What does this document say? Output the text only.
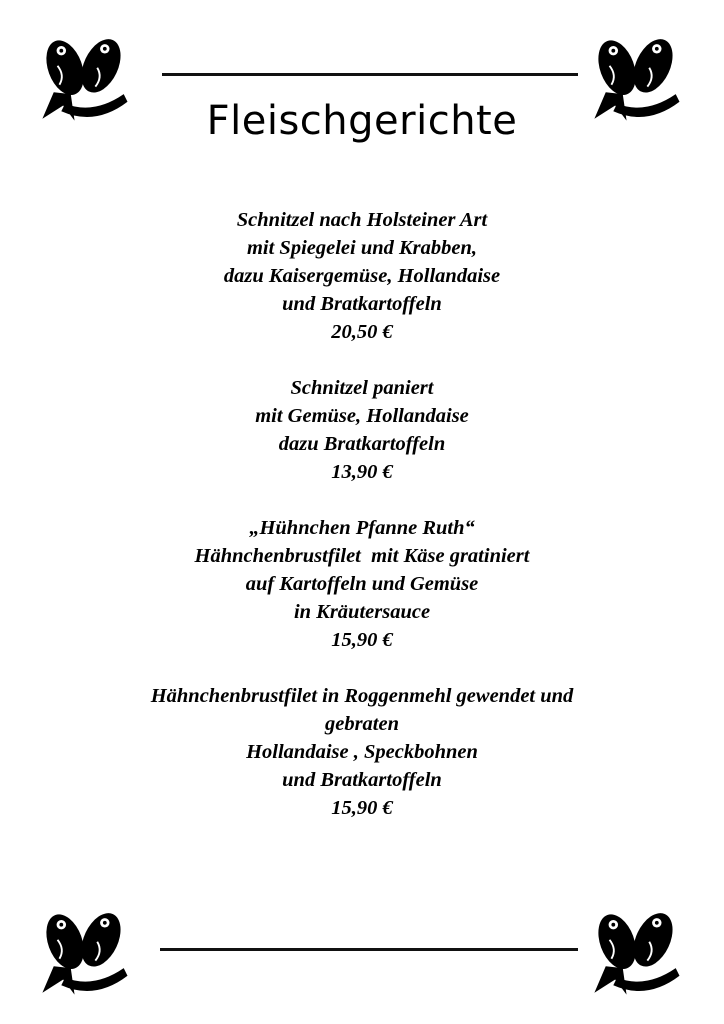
Fleischgerichte
Schnitzel nach Holsteiner Art
mit Spiegelei und Krabben,
dazu Kaisergemüse, Hollandaise
und Bratkartoffeln
20,50 €
Schnitzel paniert
mit Gemüse, Hollandaise
dazu Bratkartoffeln
13,90 €
„Hühnchen Pfanne Ruth“
Hähnchenbrustfilet  mit Käse gratiniert
auf Kartoffeln und Gemüse
in Kräutersauce
15,90 €
Hähnchenbrustfilet in Roggenmehl gewendet und
gebraten
Hollandaise , Speckbohnen
und Bratkartoffeln
15,90 €
